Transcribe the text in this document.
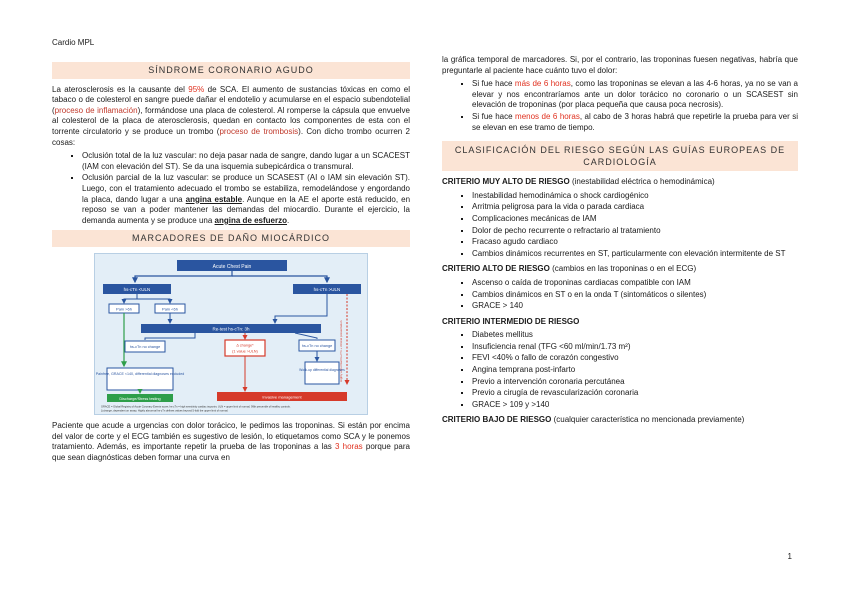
Cardio MPL
SÍNDROME CORONARIO AGUDO

La aterosclerosis es la causante del 95% de SCA. El aumento de sustancias tóxicas en como el tabaco o de colesterol en sangre puede dañar el endotelio y acumularse en el espacio subendotelial (proceso de inflamación), formándose una placa de colesterol. Al romperse la cápsula que envuelve al colesterol de la placa de aterosclerosis, quedan en contacto los componentes de esta con el torrente circulatorio y se produce un trombo (proceso de trombosis). Con dicho trombo ocurren 2 cosas:

▪ Oclusión total de la luz vascular: no deja pasar nada de sangre, dando lugar a un SCACEST (IAM con elevación del ST). Se da una isquemia subepicárdica o transmural.
▪ Oclusión parcial de la luz vascular: se produce un SCASEST (AI o IAM sin elevación ST). Luego, con el tratamiento adecuado el trombo se estabiliza, remodelándose y engordando la placa, dando lugar a una angina estable. Aunque en la AE el aporte está reducido, en reposo se van a poder mantener las demandas del miocardio. Durante el ejercicio, la demanda aumenta y se produce una angina de esfuerzo.
MARCADORES DE DAÑO MIOCÁRDICO
Acute Chest Pain
hs-cTn <ULN	hs-cTn >ULN
Pain >6h	Pain <6h
Re-test hs-cTn: 3h
hs-cTn no change	Δ change*
(1 value >ULN)
hs-cTn no change Highly abnormal hs-cTn + clinical presentation
Painfree, GRACE <140, differential diagnoses excluded
Work-up differential diagnoses
Discharge/Stress testing	Invasive management
GRACE = Global Registry of Acute Coronary Events score; hs-cTn = high sensitivity cardiac troponin; ULN = upper limit of normal, 99th percentile of healthy controls.
Δ change, dependent on assay. Highly abnormal hs-cTn defines values beyond 5-fold the upper limit of normal.

Paciente que acude a urgencias con dolor torácico, le pedimos las troponinas. Si están por encima del valor de corte y el ECG también es sugestivo de lesión, lo etiquetamos como SCA y le ponemos tratamiento. Además, es importante repetir la prueba de las troponinas a las 3 horas porque para que sean diagnósticas deben formar una curva en

la gráfica temporal de marcadores. Si, por el contrario, las troponinas fuesen negativas, habría que preguntarle al paciente hace cuánto tuvo el dolor:

▪ Si fue hace más de 6 horas, como las troponinas se elevan a las 4-6 horas, ya no se van a elevar y nos encontraríamos ante un dolor torácico no coronario o un SCASEST sin elevación de troponinas (por placa pequeña que causa poca necrosis).
▪ Si fue hace menos de 6 horas, al cabo de 3 horas habrá que repetirle la prueba para ver si se elevan en ese tramo de tiempo.
CLASIFICACIÓN DEL RIESGO SEGÚN LAS GUÍAS EUROPEAS DE CARDIOLOGÍA
CRITERIO MUY ALTO DE RIESGO (inestabilidad eléctrica o hemodinámica)
▪ Inestabilidad hemodinámica o shock cardiogénico
▪ Arritmia peligrosa para la vida o parada cardiaca
▪ Complicaciones mecánicas de IAM
▪ Dolor de pecho recurrente o refractario al tratamiento
▪ Fracaso agudo cardiaco
▪ Cambios dinámicos recurrentes en ST, particularmente con elevación intermitente de ST
CRITERIO ALTO DE RIESGO (cambios en las troponinas o en el ECG)
▪ Ascenso o caída de troponinas cardiacas compatible con IAM
▪ Cambios dinámicos en ST o en la onda T (sintomáticos o silentes)
▪ GRACE > 140
CRITERIO INTERMEDIO DE RIESGO
▪ Diabetes mellitus
▪ Insuficiencia renal (TFG <60 ml/min/1.73 m²)
▪ FEVI <40% o fallo de corazón congestivo
▪ Angina temprana post-infarto
▪ Previo a intervención coronaria percutánea
▪ Previo a cirugía de revascularización coronaria
▪ GRACE > 109 y >140
CRITERIO BAJO DE RIESGO (cualquier característica no mencionada previamente)
1
